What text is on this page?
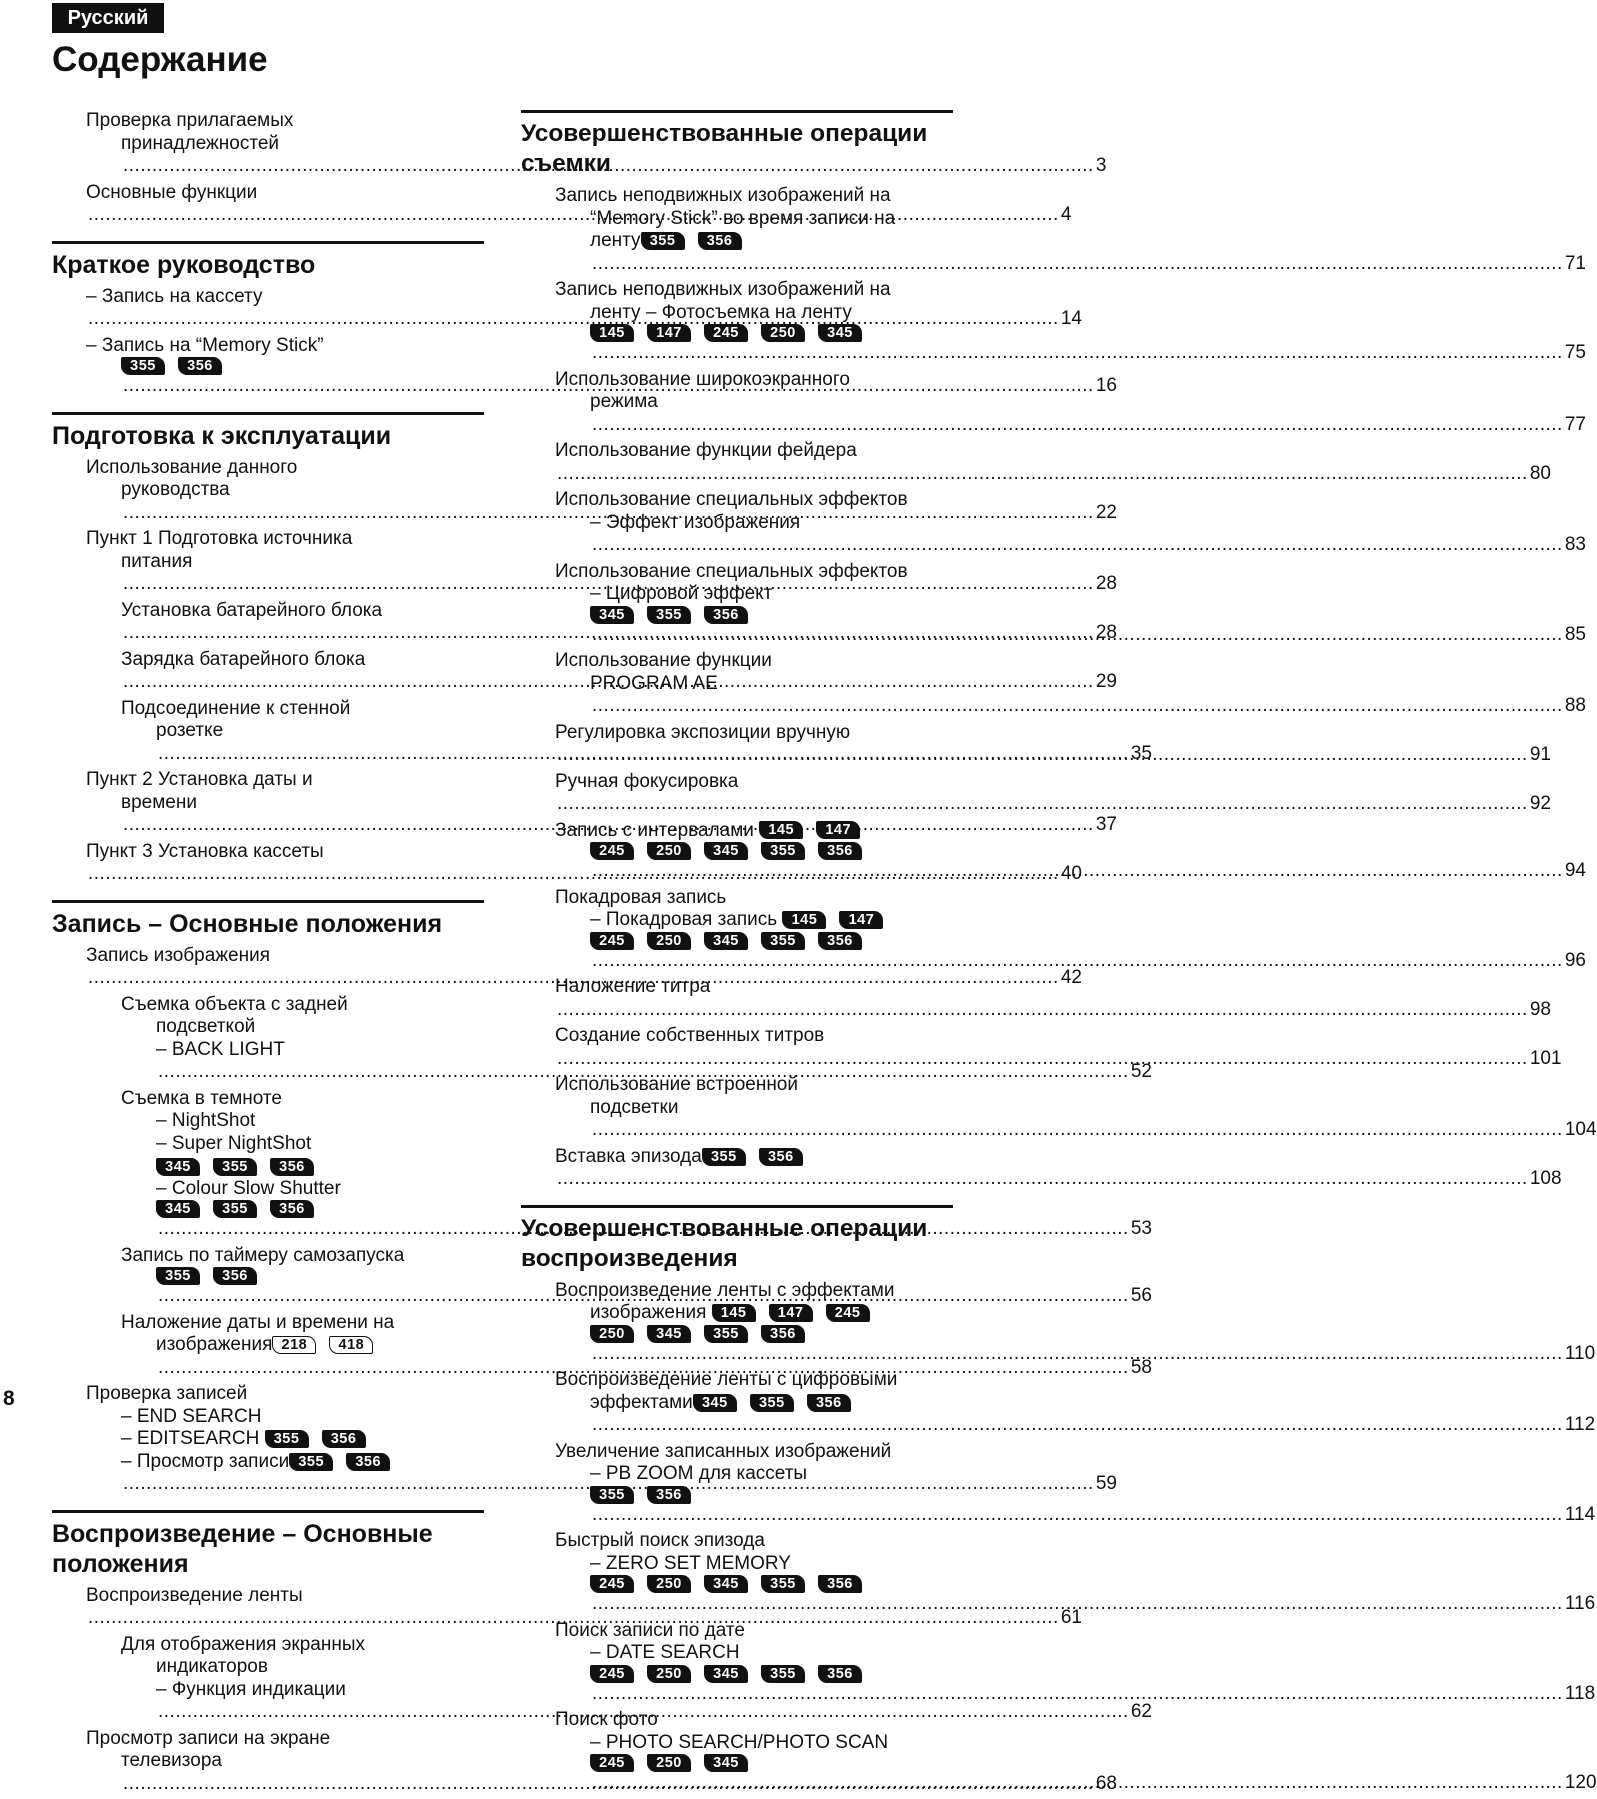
Русский
Содержание
Проверка прилагаемых
принадлежностей
.....3
Основные функции
.....4
Краткое руководство
– Запись на кассету
.....14
– Запись на “Memory Stick”
355	356
.....16
Подготовка к эксплуатации
Использование данного
руководства
.....22
Пункт 1 Подготовка источника
питания
.....28
Установка батарейного блока
.....28
Зарядка батарейного блока
.....29
Подсоединение к стенной
розетке
.....35
Пункт 2 Установка даты и
времени
.....37
Пункт 3 Установка кассеты
.....40
Запись – Основные положения
Запись изображения
.....42
Съемка объекта с задней
подсветкой
– BACK LIGHT
.....52
Съемка в темноте
– NightShot
– Super NightShot
345	355	356
– Colour Slow Shutter
345	355	356
.....53
Запись по таймеру самозапуска
355	356
.....56
Наложение даты и времени на
изображения 218	418
.....58
Проверка записей
– END SEARCH
– EDITSEARCH 355 356
– Просмотр записи 355	356
.....59
Воспроизведение – Основные положения
Воспроизведение ленты
.....61
Для отображения экранных
индикаторов
– Функция индикации
.....62
Просмотр записи на экране
телевизора
.....68
Усовершенствованные операции съемки
Запись неподвижных изображений на
“Memory Stick” во время записи на
ленту 355	356
.....71
Запись неподвижных изображений на
ленту – Фотосъемка на ленту
145	147	245	250	345
.....75
Использование широкоэкранного
режима
.....77
Использование функции фейдера
.....80
Использование специальных эффектов
– Эффект изображения
.....83
Использование специальных эффектов
– Цифровой эффект
345	355	356
.....85
Использование функции
PROGRAM AE
.....88
Регулировка экспозиции вручную
.....91
Ручная фокусировка
.....92
Запись с интервалами 145 147
245	250	345	355	356
.....94
Покадровая запись
– Покадровая запись 145 147
245	250	345	355	356
.....96
Наложение титра
.....98
Создание собственных титров
.....101
Использование встроенной
подсветки
.....104
Вставка эпизода 355	356
.....108
Усовершенствованные операции воспроизведения
Воспроизведение ленты с эффектами
изображения 145 147 245
250	345	355	356
.....110
Воспроизведение ленты с цифровыми
эффектами 345	355	356
.....112
Увеличение записанных изображений
– PB ZOOM для кассеты
355	356
.....114
Быстрый поиск эпизода
– ZERO SET MEMORY
245	250	345	355	356
.....116
Поиск записи по дате
– DATE SEARCH
245	250	345	355	356
.....118
Поиск фото
– PHOTO SEARCH/PHOTO SCAN
245	250	345
.....120
8
